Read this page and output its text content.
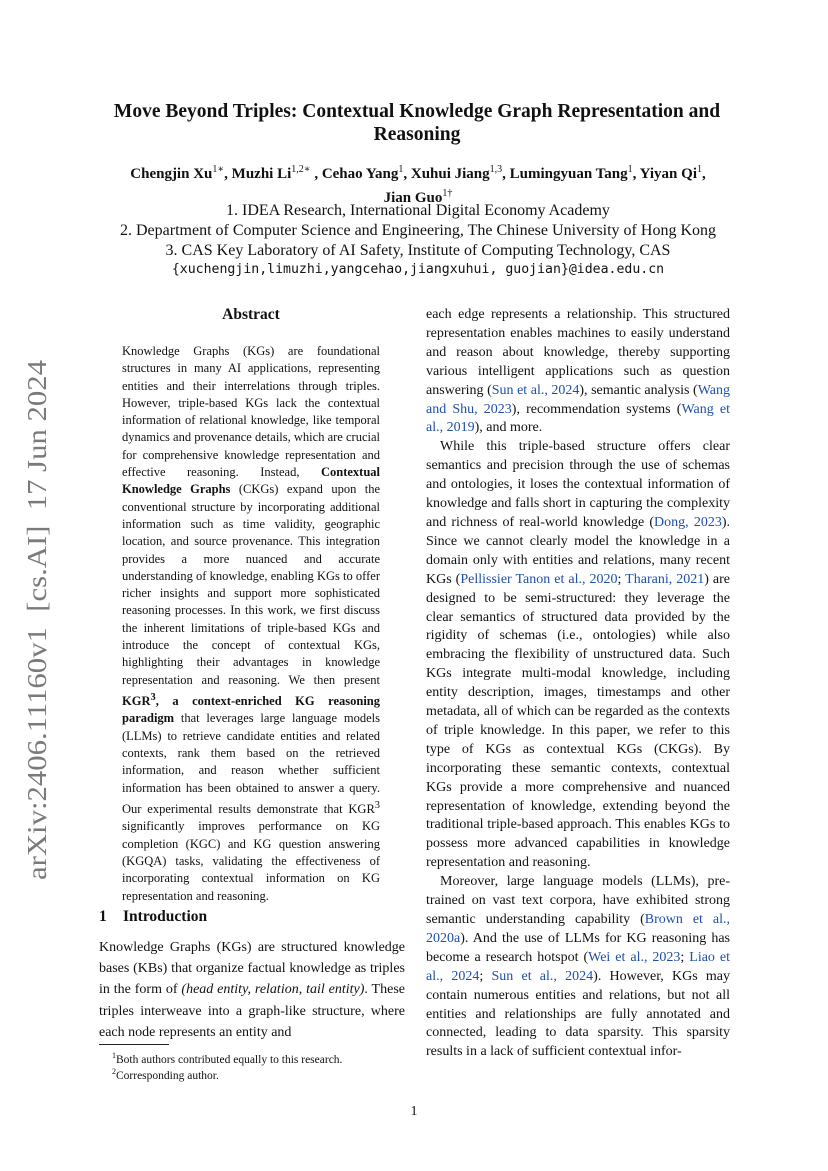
arXiv:2406.11160v1  [cs.AI]  17 Jun 2024
Move Beyond Triples: Contextual Knowledge Graph Representation and Reasoning
Chengjin $Xu^{1∗}$, Muzhi $Li^{1,2∗}$ , Cehao Yang$^1$, Xuhui Jiang$^{1,3}$, Lumingyuan Tang$^1$, Yiyan Qi$^1$,
Jian Guo$^{1\dagger}$
1. IDEA Research, International Digital Economy Academy
2. Department of Computer Science and Engineering, The Chinese University of Hong Kong
3. CAS Key Laboratory of AI Safety, Institute of Computing Technology, CAS
{xuchengjin,limuzhi,yangcehao,jiangxuhui, guojian}@idea.edu.cn
Abstract
Knowledge Graphs (KGs) are foundational structures in many AI applications, representing entities and their interrelations through triples. However, triple-based KGs lack the contextual information of relational knowledge, like temporal dynamics and provenance details, which are crucial for comprehensive knowledge representation and effective reasoning. Instead, Contextual Knowledge Graphs (CKGs) expand upon the conventional structure by incorporating additional information such as time validity, geographic location, and source provenance. This integration provides a more nuanced and accurate understanding of knowledge, enabling KGs to offer richer insights and support more sophisticated reasoning processes. In this work, we first discuss the inherent limitations of triple-based KGs and introduce the concept of contextual KGs, highlighting their advantages in knowledge representation and reasoning. We then present KGR$^3$, a context-enriched KG reasoning paradigm that leverages large language models (LLMs) to retrieve candidate entities and related contexts, rank them based on the retrieved information, and reason whether sufficient information has been obtained to answer a query. Our experimental results demonstrate that KGR$^3$ significantly improves performance on KG completion (KGC) and KG question answering (KGQA) tasks, validating the effectiveness of incorporating contextual information on KG representation and reasoning.
1 Introduction
Knowledge Graphs (KGs) are structured knowledge bases (KBs) that organize factual knowledge as triples in the form of (head entity, relation, tail entity). These triples interweave into a graph-like structure, where each node represents an entity and
$^1$Both authors contributed equally to this research.
$^2$Corresponding author.

each edge represents a relationship. This structured representation enables machines to easily understand and reason about knowledge, thereby supporting various intelligent applications such as question answering (Sun et al., 2024), semantic analysis (Wang and Shu, 2023), recommendation systems (Wang et al., 2019), and more.

While this triple-based structure offers clear semantics and precision through the use of schemas and ontologies, it loses the contextual information of knowledge and falls short in capturing the complexity and richness of real-world knowledge (Dong, 2023). Since we cannot clearly model the knowledge in a domain only with entities and relations, many recent KGs (Pellissier Tanon et al., 2020; Tharani, 2021) are designed to be semi-structured: they leverage the clear semantics of structured data provided by the rigidity of schemas (i.e., ontologies) while also embracing the flexibility of unstructured data. Such KGs integrate multi-modal knowledge, including entity description, images, timestamps and other metadata, all of which can be regarded as the contexts of triple knowledge. In this paper, we refer to this type of KGs as contextual KGs (CKGs). By incorporating these semantic contexts, contextual KGs provide a more comprehensive and nuanced representation of knowledge, extending beyond the traditional triple-based approach. This enables KGs to possess more advanced capabilities in knowledge representation and reasoning.

Moreover, large language models (LLMs), pre-trained on vast text corpora, have exhibited strong semantic understanding capability (Brown et al., 2020a). And the use of LLMs for KG reasoning has become a research hotspot (Wei et al., 2023; Liao et al., 2024; Sun et al., 2024). However, KGs may contain numerous entities and relations, but not all entities and relationships are fully annotated and connected, leading to data sparsity. This sparsity results in a lack of sufficient contextual infor-

1
